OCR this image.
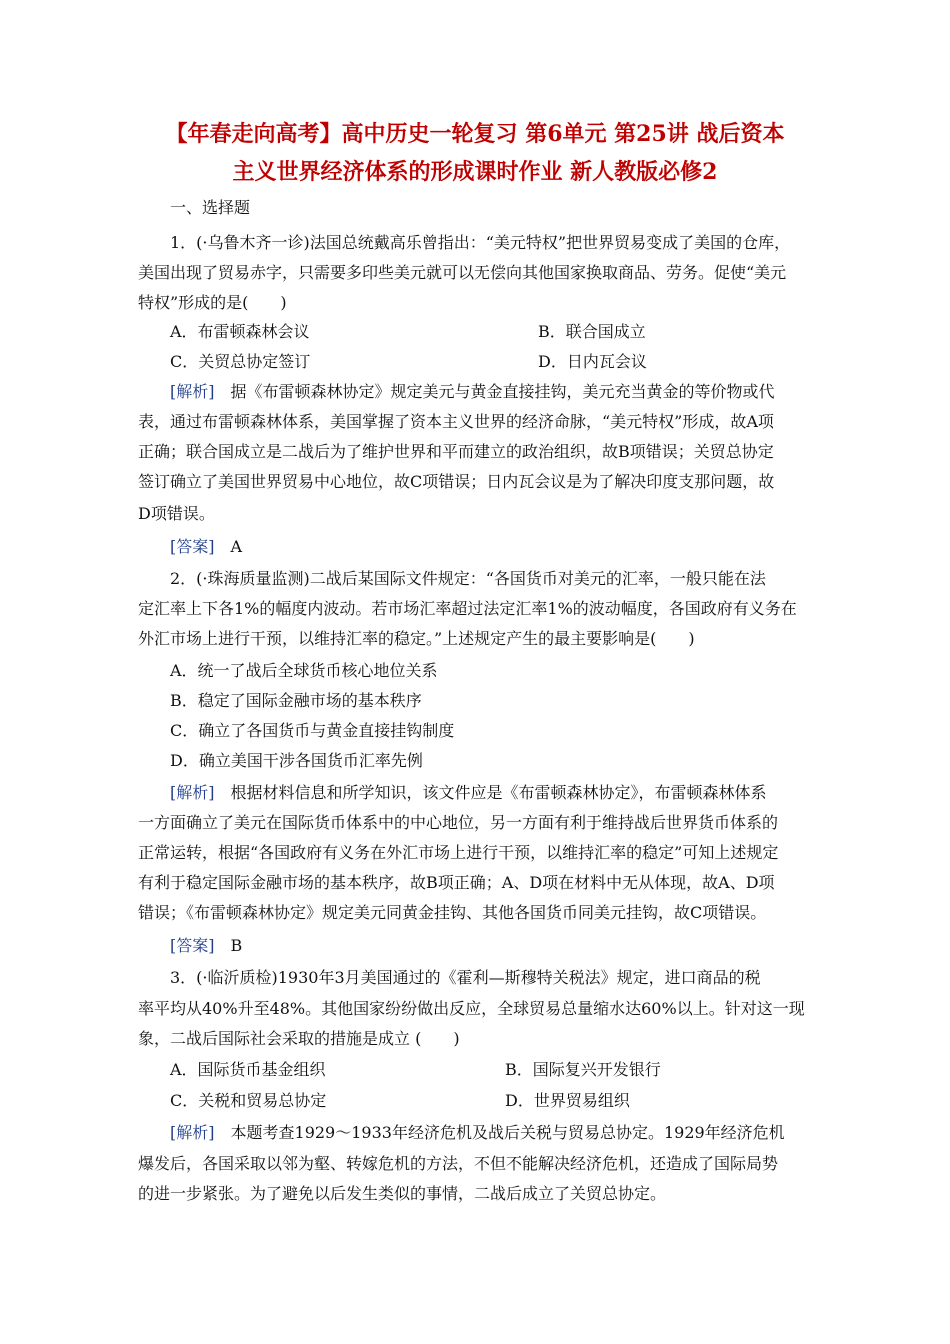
【年春走向高考】高中历史一轮复习 第6单元 第25讲 战后资本
主义世界经济体系的形成课时作业 新人教版必修2
一、选择题
1．(·乌鲁木齐一诊)法国总统戴高乐曾指出：“美元特权”把世界贸易变成了美国的仓库，
美国出现了贸易赤字，只需要多印些美元就可以无偿向其他国家换取商品、劳务。促使“美元
特权”形成的是(　　)
A．布雷顿森林会议	B．联合国成立
C．关贸总协定签订	D．日内瓦会议
[解析]　 据《布雷顿森林协定》规定美元与黄金直接挂钩，美元充当黄金的等价物或代
表，通过布雷顿森林体系，美国掌握了资本主义世界的经济命脉，“美元特权”形成，故A项
正确；联合国成立是二战后为了维护世界和平而建立的政治组织，故B项错误；关贸总协定
签订确立了美国世界贸易中心地位，故C项错误；日内瓦会议是为了解决印度支那问题，故
D项错误。
[答案]　 A
2．(·珠海质量监测)二战后某国际文件规定：“各国货币对美元的汇率，一般只能在法
定汇率上下各1%的幅度内波动。若市场汇率超过法定汇率1%的波动幅度，各国政府有义务在
外汇市场上进行干预，以维持汇率的稳定。”上述规定产生的最主要影响是(　　)
A．统一了战后全球货币核心地位关系
B．稳定了国际金融市场的基本秩序
C．确立了各国货币与黄金直接挂钩制度
D．确立美国干涉各国货币汇率先例
[解析]　 根据材料信息和所学知识，该文件应是《布雷顿森林协定》，布雷顿森林体系
一方面确立了美元在国际货币体系中的中心地位，另一方面有利于维持战后世界货币体系的
正常运转，根据“各国政府有义务在外汇市场上进行干预，以维持汇率的稳定”可知上述规定
有利于稳定国际金融市场的基本秩序，故B项正确；A、D项在材料中无从体现，故A、D项
错误；《布雷顿森林协定》规定美元同黄金挂钩、其他各国货币同美元挂钩，故C项错误。
[答案]　 B
3．(·临沂质检)1930年3月美国通过的《霍利—斯穆特关税法》规定，进口商品的税
率平均从40%升至48%。其他国家纷纷做出反应，全球贸易总量缩水达60%以上。针对这一现
象，二战后国际社会采取的措施是成立 (　　)
A．国际货币基金组织	B．国际复兴开发银行
C．关税和贸易总协定	D．世界贸易组织
[解析]　 本题考查1929～1933年经济危机及战后关税与贸易总协定。1929年经济危机
爆发后，各国采取以邻为壑、转嫁危机的方法，不但不能解决经济危机，还造成了国际局势
的进一步紧张。为了避免以后发生类似的事情，二战后成立了关贸总协定。
